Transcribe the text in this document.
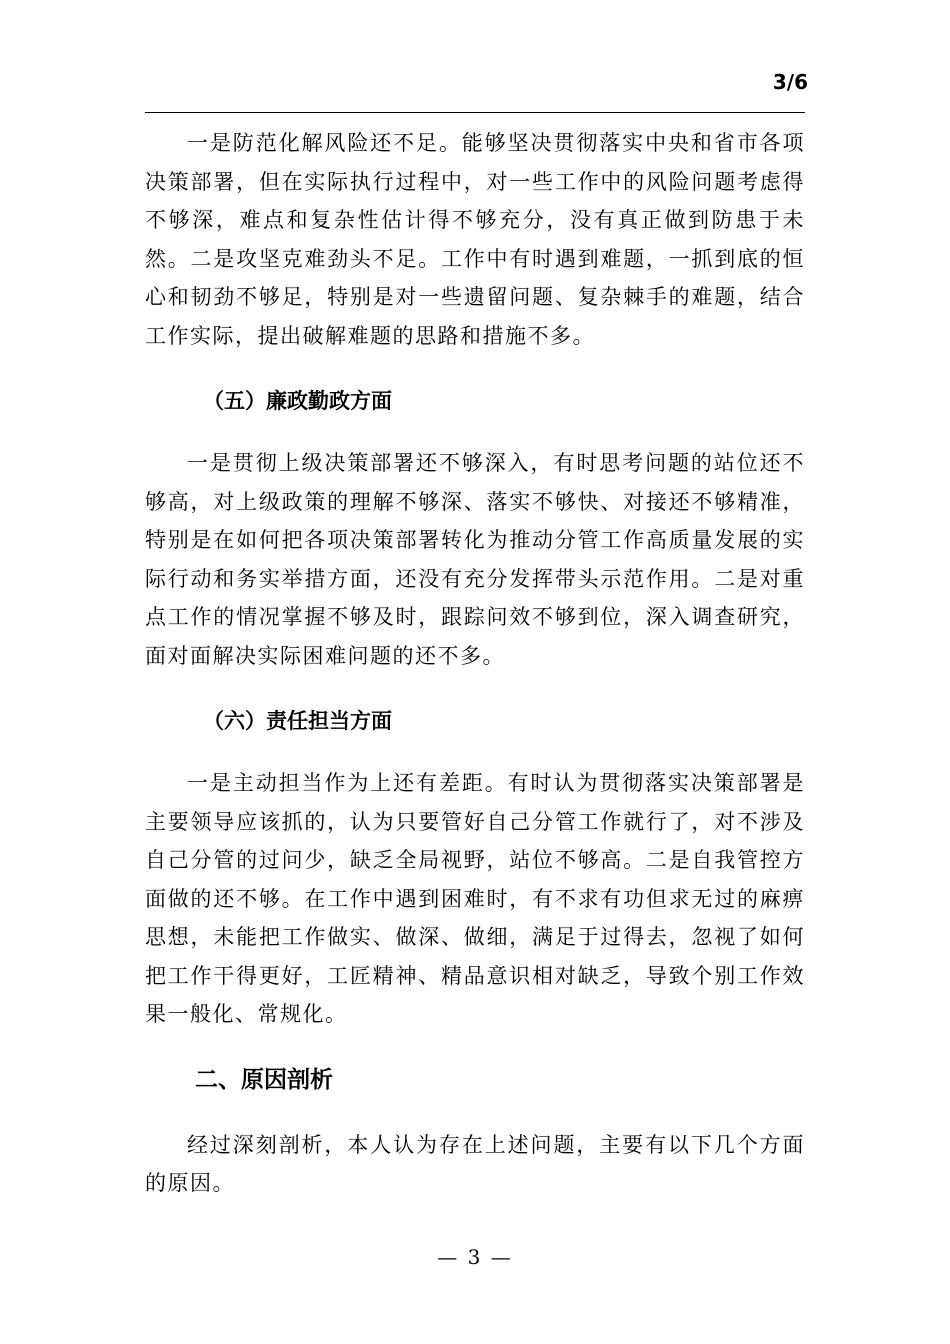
3/6

一是防范化解风险还不足。能够坚决贯彻落实中央和省市各项决策部署，但在实际执行过程中，对一些工作中的风险问题考虑得不够深，难点和复杂性估计得不够充分，没有真正做到防患于未然。二是攻坚克难劲头不足。工作中有时遇到难题，一抓到底的恒心和韧劲不够足，特别是对一些遗留问题、复杂棘手的难题，结合工作实际，提出破解难题的思路和措施不多。

（五）廉政勤政方面

一是贯彻上级决策部署还不够深入，有时思考问题的站位还不够高，对上级政策的理解不够深、落实不够快、对接还不够精准，特别是在如何把各项决策部署转化为推动分管工作高质量发展的实际行动和务实举措方面，还没有充分发挥带头示范作用。二是对重点工作的情况掌握不够及时，跟踪问效不够到位，深入调查研究，面对面解决实际困难问题的还不多。

（六）责任担当方面

一是主动担当作为上还有差距。有时认为贯彻落实决策部署是主要领导应该抓的，认为只要管好自己分管工作就行了，对不涉及自己分管的过问少，缺乏全局视野，站位不够高。二是自我管控方面做的还不够。在工作中遇到困难时，有不求有功但求无过的麻痹思想，未能把工作做实、做深、做细，满足于过得去，忽视了如何把工作干得更好，工匠精神、精品意识相对缺乏，导致个别工作效果一般化、常规化。

二、原因剖析

经过深刻剖析，本人认为存在上述问题，主要有以下几个方面的原因。

— 3 —
